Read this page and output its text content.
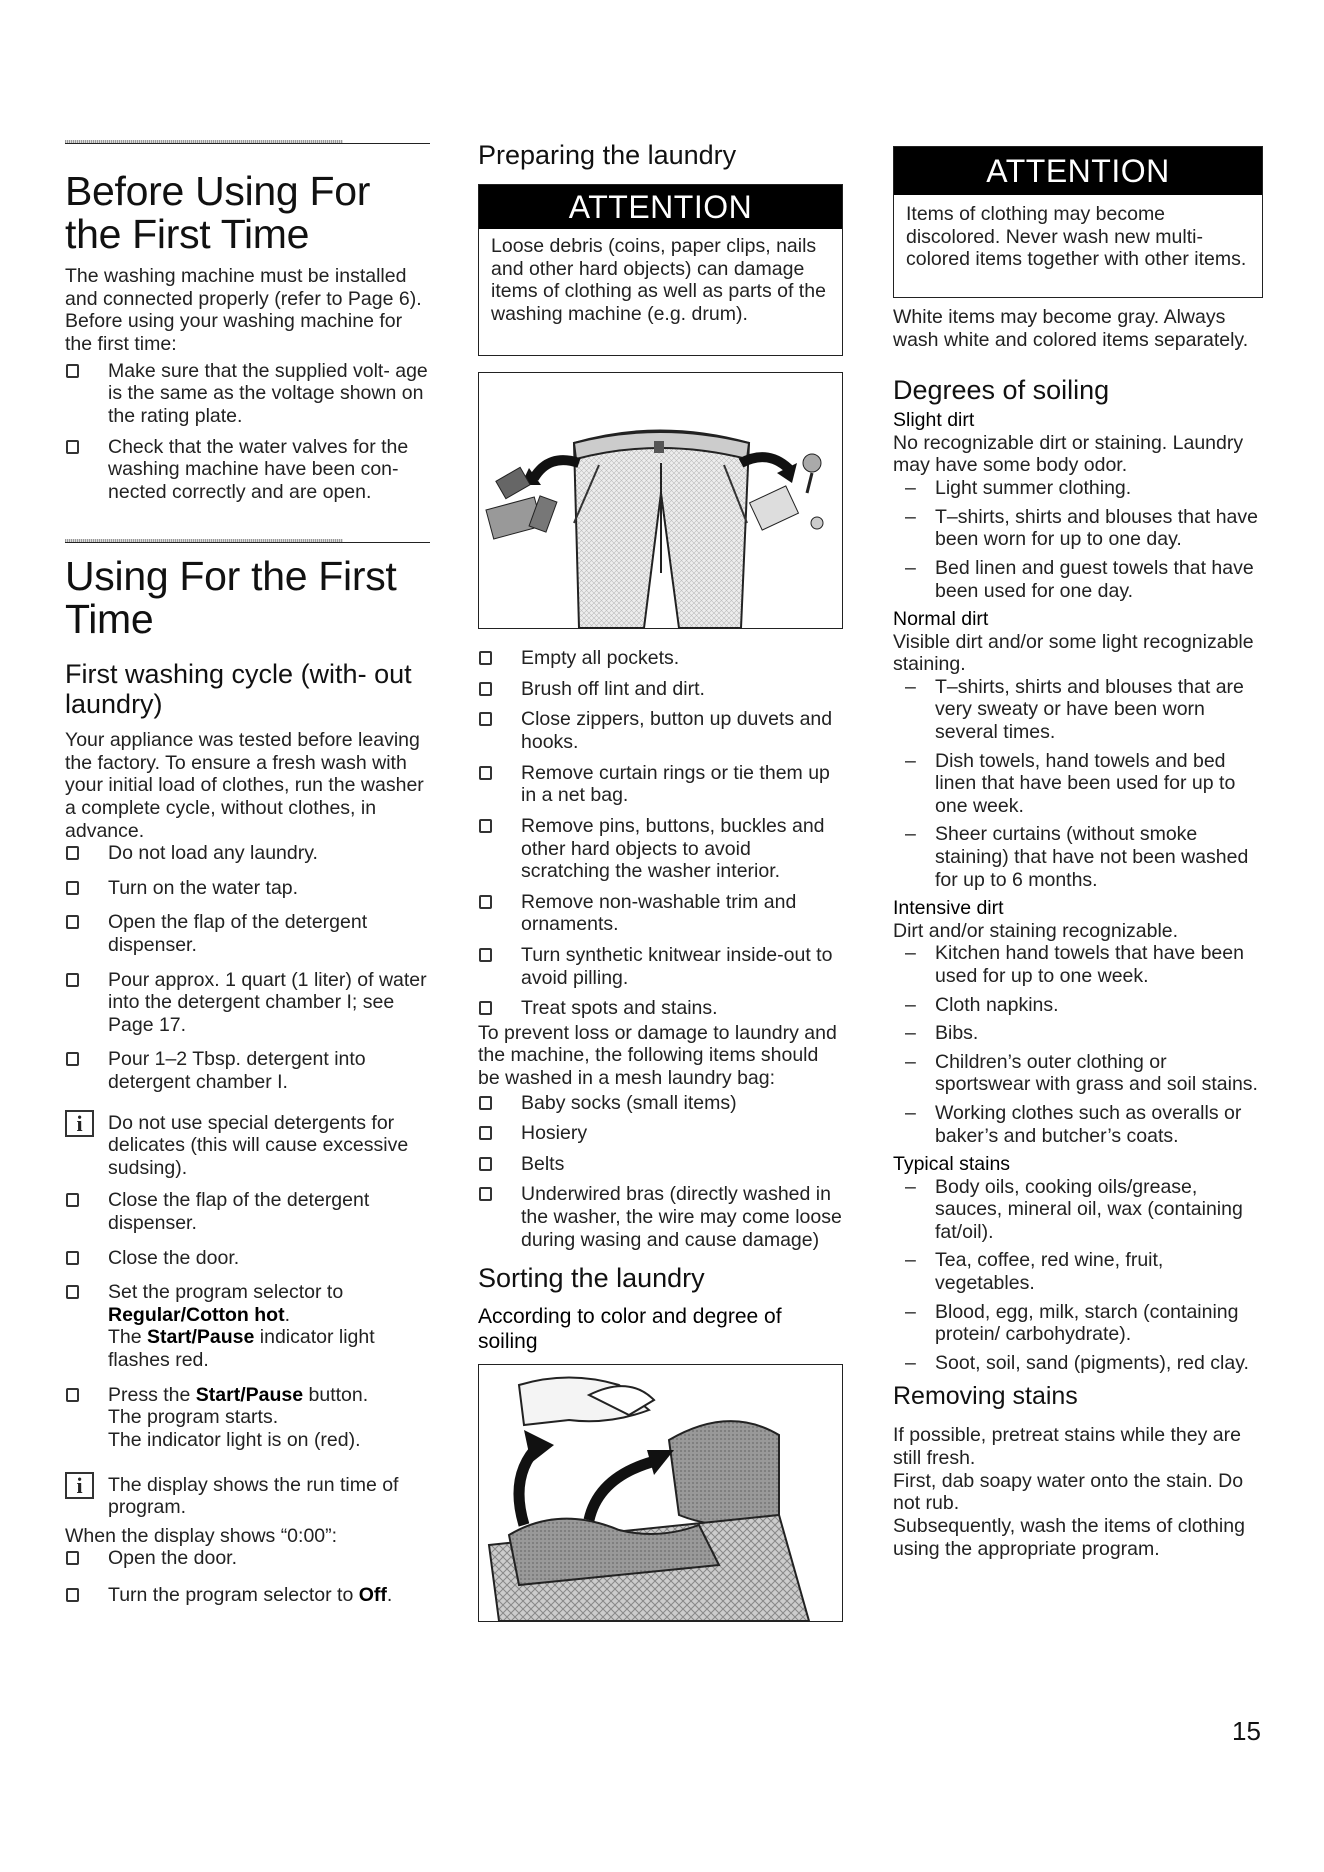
Before Using For the First Time

The washing machine must be installed and connected properly (refer to Page 6).

Before using your washing machine for the first time:

Make sure that the supplied volt- age is the same as the voltage shown on the rating plate.
Check that the water valves for the washing machine have been con- nected correctly and are open.
Using For the First Time
First washing cycle (with- out laundry)

Your appliance was tested before leaving the factory. To ensure a fresh wash with your initial load of clothes, run the washer a complete cycle, without clothes, in advance.

Do not load any laundry.
Turn on the water tap.
Open the flap of the detergent dispenser.
Pour approx. 1 quart (1 liter) of water into the detergent chamber I; see Page 17.
Pour 1–2 Tbsp. detergent into detergent chamber I.
i	Do not use special detergents for delicates (this will cause excessive sudsing).
Close the flap of the detergent dispenser.
Close the door.
Set the program selector to
Regular/Cotton hot.
The Start/Pause indicator light flashes red.
Press the Start/Pause button.
The program starts.
The indicator light is on (red).
i	The display shows the run time of program.

When the display shows “0:00”:

Open the door.
Turn the program selector to Off.
Preparing the laundry
ATTENTION
Loose debris (coins, paper clips, nails and other hard objects) can damage items of clothing as well as parts of the washing machine (e.g. drum).
Empty all pockets.
Brush off lint and dirt.
Close zippers, button up duvets and hooks.
Remove curtain rings or tie them up in a net bag.
Remove pins, buttons, buckles and other hard objects to avoid scratching the washer interior.
Remove non-washable trim and ornaments.
Turn synthetic knitwear inside-out to avoid pilling.
Treat spots and stains.

To prevent loss or damage to laundry and the machine, the following items should be washed in a mesh laundry bag:

Baby socks (small items)
Hosiery
Belts
Underwired bras (directly washed in the washer, the wire may come loose during wasing and cause damage)
Sorting the laundry
According to color and degree of soiling
ATTENTION
Items of clothing may become discolored. Never wash new multi-colored items together with other items.

White items may become gray. Always wash white and colored items separately.

Degrees of soiling
Slight dirt

No recognizable dirt or staining. Laundry may have some body odor.

– Light summer clothing.
– T–shirts, shirts and blouses that have been worn for up to one day.
– Bed linen and guest towels that have been used for one day.
Normal dirt

Visible dirt and/or some light recognizable staining.

– T–shirts, shirts and blouses that are very sweaty or have been worn several times.
– Dish towels, hand towels and bed linen that have been used for up to one week.
– Sheer curtains (without smoke staining) that have not been washed for up to 6 months.
Intensive dirt

Dirt and/or staining recognizable.

– Kitchen hand towels that have been used for up to one week.
– Cloth napkins.
– Bibs.
– Children’s outer clothing or sportswear with grass and soil stains.
– Working clothes such as overalls or baker’s and butcher’s coats.
Typical stains
– Body oils, cooking oils/grease, sauces, mineral oil, wax (containing fat/oil).
– Tea, coffee, red wine, fruit, vegetables.
– Blood, egg, milk, starch (containing protein/ carbohydrate).
– Soot, soil, sand (pigments), red clay.
Removing stains

If possible, pretreat stains while they are still fresh.

First, dab soapy water onto the stain. Do not rub.

Subsequently, wash the items of clothing using the appropriate program.

15
